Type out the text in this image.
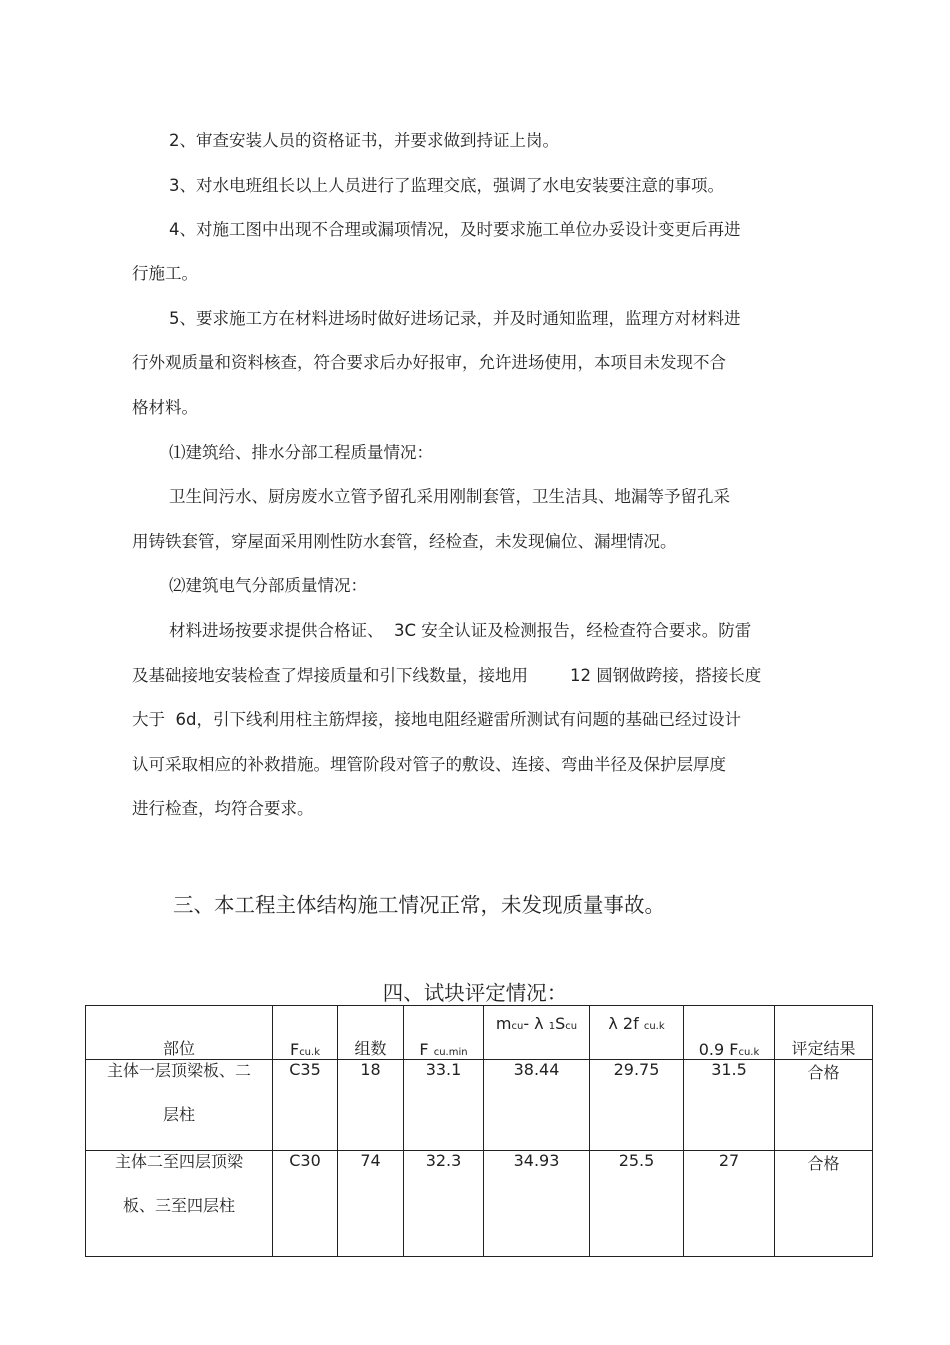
2、审查安装人员的资格证书，并要求做到持证上岗。
3、对水电班组长以上人员进行了监理交底，强调了水电安装要注意的事项。
4、对施工图中出现不合理或漏项情况，及时要求施工单位办妥设计变更后再进
行施工。
5、要求施工方在材料进场时做好进场记录，并及时通知监理，监理方对材料进
行外观质量和资料核查，符合要求后办好报审，允许进场使用，本项目未发现不合
格材料。
⑴建筑给、排水分部工程质量情况：
卫生间污水、厨房废水立管予留孔采用刚制套管，卫生洁具、地漏等予留孔采
用铸铁套管，穿屋面采用刚性防水套管，经检查，未发现偏位、漏埋情况。
⑵建筑电气分部质量情况：
材料进场按要求提供合格证、  3C 安全认证及检测报告，经检查符合要求。防雷
及基础接地安装检查了焊接质量和引下线数量，接地用        12 圆钢做跨接，搭接长度
大于  6d，引下线利用柱主筋焊接，接地电阻经避雷所测试有问题的基础已经过设计
认可采取相应的补救措施。埋管阶段对管子的敷设、连接、弯曲半径及保护层厚度
进行检查，均符合要求。
三、本工程主体结构施工情况正常，未发现质量事故。
四、试块评定情况：
部位	Fcu.k	组数	F cu.min	mcu- λ 1Scu	λ 2f cu.k	0.9 Fcu.k	评定结果

主体一层顶梁板、二
层柱	C35	18	33.1	38.44	29.75	31.5	合格

主体二至四层顶梁
板、三至四层柱	C30	74	32.3	34.93	25.5	27	合格
